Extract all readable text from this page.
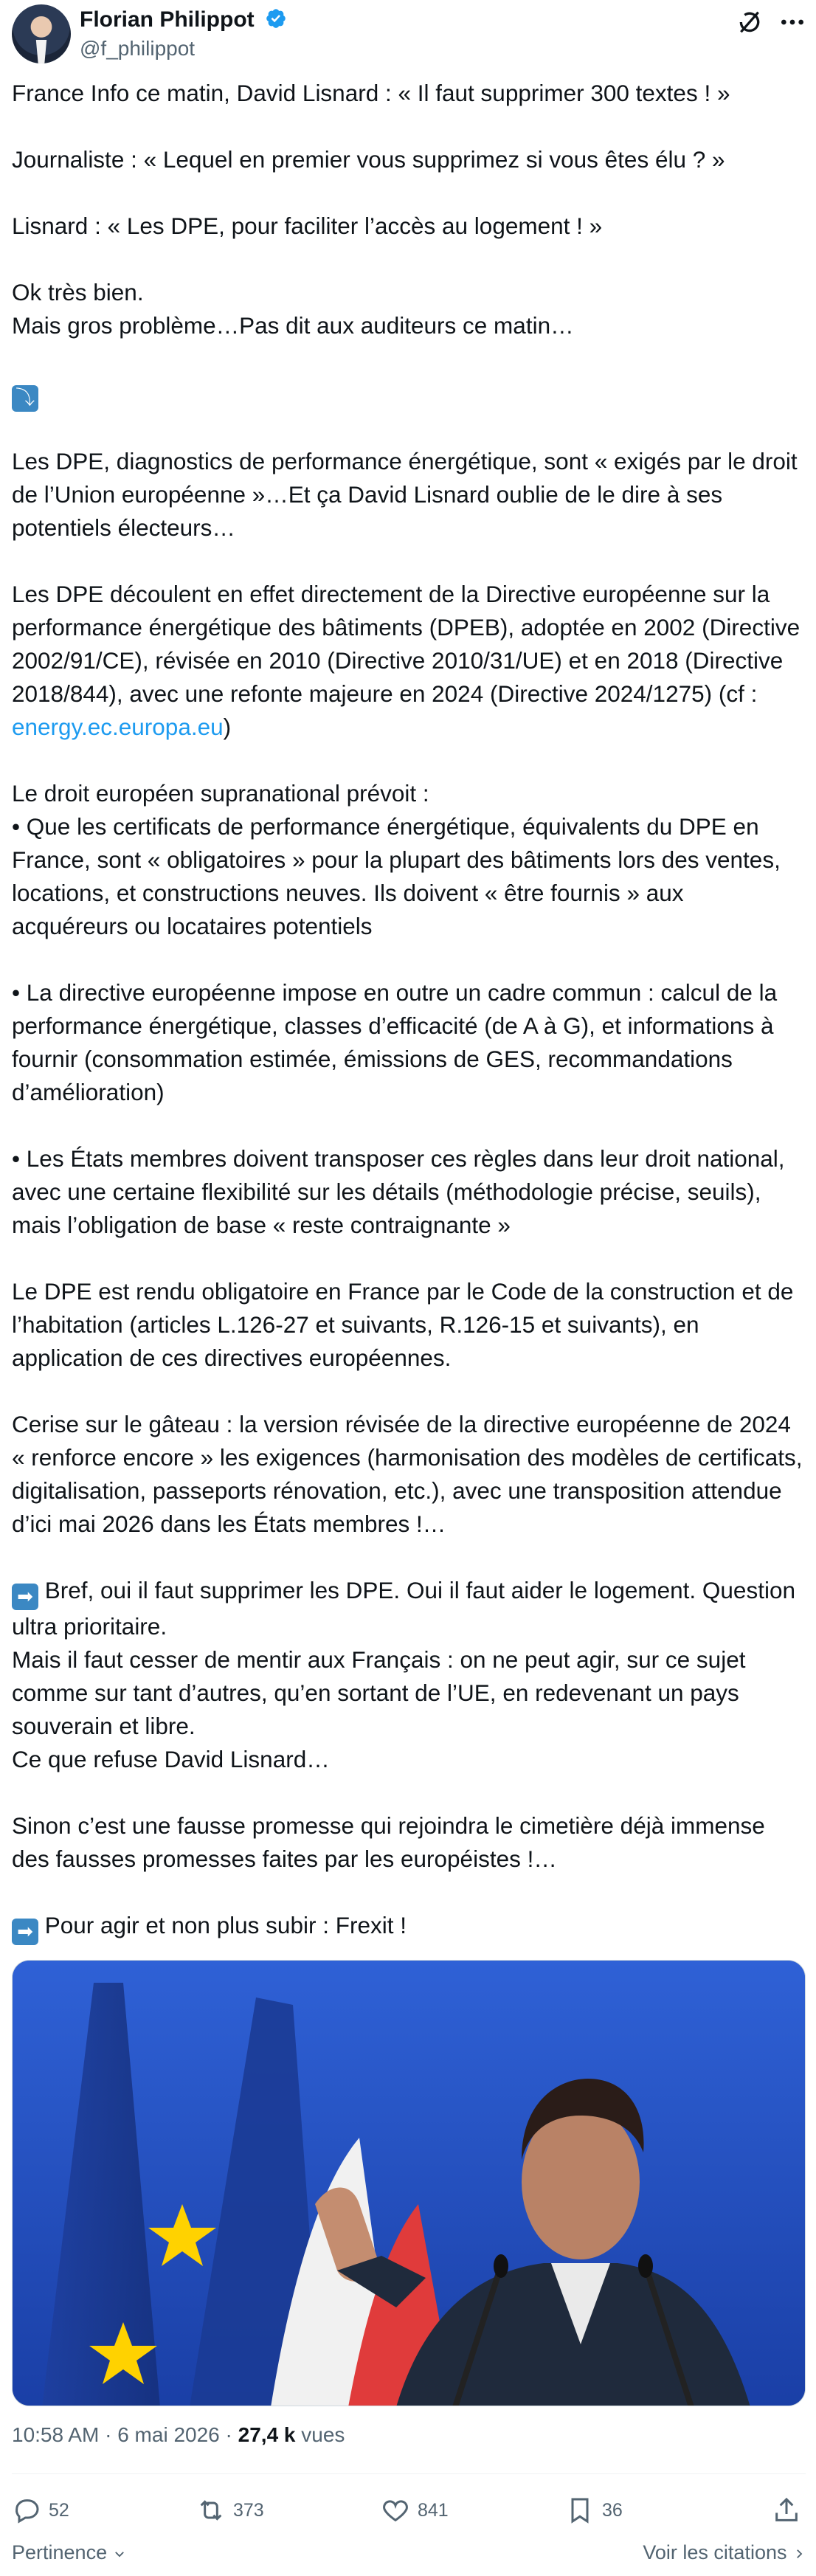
Florian Philippot
@f_philippot

France Info ce matin, David Lisnard : « Il faut supprimer 300 textes ! »

Journaliste : « Lequel en premier vous supprimez si vous êtes élu ? »

Lisnard : « Les DPE, pour faciliter l’accès au logement ! »

Ok très bien.
Mais gros problème…Pas dit aux auditeurs ce matin…

⤵

Les DPE, diagnostics de performance énergétique, sont « exigés par le droit de l’Union européenne »…Et ça David Lisnard oublie de le dire à ses potentiels électeurs…

Les DPE découlent en effet directement de la Directive européenne sur la performance énergétique des bâtiments (DPEB), adoptée en 2002 (Directive 2002/91/CE), révisée en 2010 (Directive 2010/31/UE) et en 2018 (Directive 2018/844), avec une refonte majeure en 2024 (Directive 2024/1275) (cf : energy.ec.europa.eu)

Le droit européen supranational prévoit :
• Que les certificats de performance énergétique, équivalents du DPE en France, sont « obligatoires » pour la plupart des bâtiments lors des ventes, locations, et constructions neuves. Ils doivent « être fournis » aux acquéreurs ou locataires potentiels

• La directive européenne impose en outre un cadre commun : calcul de la performance énergétique, classes d’efficacité (de A à G), et informations à fournir (consommation estimée, émissions de GES, recommandations d’amélioration)

• Les États membres doivent transposer ces règles dans leur droit national, avec une certaine flexibilité sur les détails (méthodologie précise, seuils), mais l’obligation de base « reste contraignante »

Le DPE est rendu obligatoire en France par le Code de la construction et de l’habitation (articles L.126-27 et suivants, R.126-15 et suivants), en application de ces directives européennes.

Cerise sur le gâteau : la version révisée de la directive européenne de 2024 « renforce encore » les exigences (harmonisation des modèles de certificats, digitalisation, passeports rénovation, etc.), avec une transposition attendue d’ici mai 2026 dans les États membres !…

➡ Bref, oui il faut supprimer les DPE. Oui il faut aider le logement. Question ultra prioritaire.
Mais il faut cesser de mentir aux Français : on ne peut agir, sur ce sujet comme sur tant d’autres, qu’en sortant de l’UE, en redevenant un pays souverain et libre.
Ce que refuse David Lisnard…

Sinon c’est une fausse promesse qui rejoindra le cimetière déjà immense des fausses promesses faites par les européistes !…

➡ Pour agir et non plus subir : Frexit !

10:58 AM · 6 mai 2026 · 27,4 k vues
52	373	841	36
Pertinence	Voir les citations
